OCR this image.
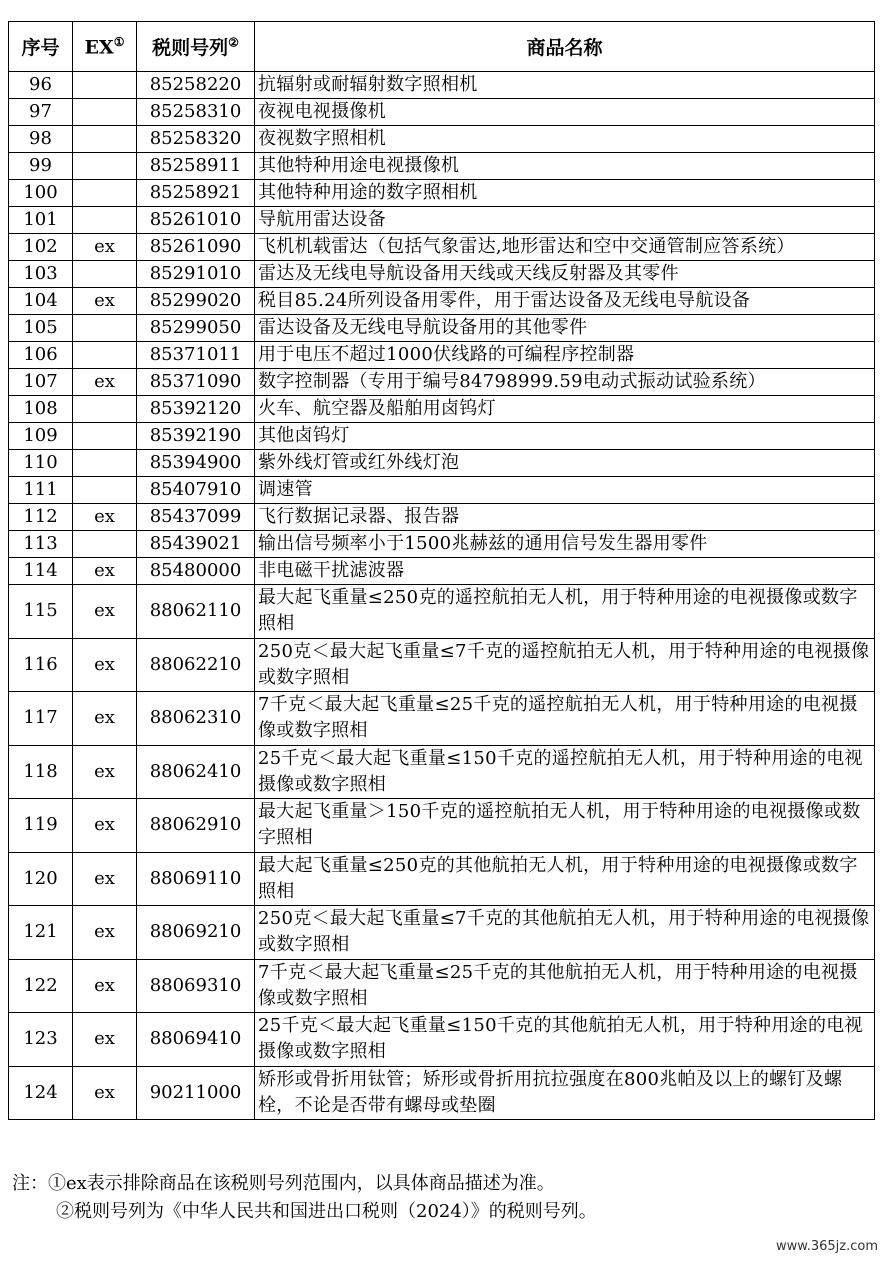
序号	EX①	税则号列②	商品名称
96		85258220	抗辐射或耐辐射数字照相机
97		85258310	夜视电视摄像机
98		85258320	夜视数字照相机
99		85258911	其他特种用途电视摄像机
100		85258921	其他特种用途的数字照相机
101		85261010	导航用雷达设备
102	ex	85261090	飞机机载雷达（包括气象雷达,地形雷达和空中交通管制应答系统）
103		85291010	雷达及无线电导航设备用天线或天线反射器及其零件
104	ex	85299020	税目85.24所列设备用零件，用于雷达设备及无线电导航设备
105		85299050	雷达设备及无线电导航设备用的其他零件
106		85371011	用于电压不超过1000伏线路的可编程序控制器
107	ex	85371090	数字控制器（专用于编号84798999.59电动式振动试验系统）
108		85392120	火车、航空器及船舶用卤钨灯
109		85392190	其他卤钨灯
110		85394900	紫外线灯管或红外线灯泡
111		85407910	调速管
112	ex	85437099	飞行数据记录器、报告器
113		85439021	输出信号频率小于1500兆赫兹的通用信号发生器用零件
114	ex	85480000	非电磁干扰滤波器
115	ex	88062110	最大起飞重量≤250克的遥控航拍无人机，用于特种用途的电视摄像或数字照相
116	ex	88062210	250克＜最大起飞重量≤7千克的遥控航拍无人机，用于特种用途的电视摄像或数字照相
117	ex	88062310	7千克＜最大起飞重量≤25千克的遥控航拍无人机，用于特种用途的电视摄像或数字照相
118	ex	88062410	25千克＜最大起飞重量≤150千克的遥控航拍无人机，用于特种用途的电视摄像或数字照相
119	ex	88062910	最大起飞重量＞150千克的遥控航拍无人机，用于特种用途的电视摄像或数字照相
120	ex	88069110	最大起飞重量≤250克的其他航拍无人机，用于特种用途的电视摄像或数字照相
121	ex	88069210	250克＜最大起飞重量≤7千克的其他航拍无人机，用于特种用途的电视摄像或数字照相
122	ex	88069310	7千克＜最大起飞重量≤25千克的其他航拍无人机，用于特种用途的电视摄像或数字照相
123	ex	88069410	25千克＜最大起飞重量≤150千克的其他航拍无人机，用于特种用途的电视摄像或数字照相
124	ex	90211000	矫形或骨折用钛管；矫形或骨折用抗拉强度在800兆帕及以上的螺钉及螺栓，不论是否带有螺母或垫圈
注：①ex表示排除商品在该税则号列范围内，以具体商品描述为准。
②税则号列为《中华人民共和国进出口税则（2024）》的税则号列。
www.365jz.com
